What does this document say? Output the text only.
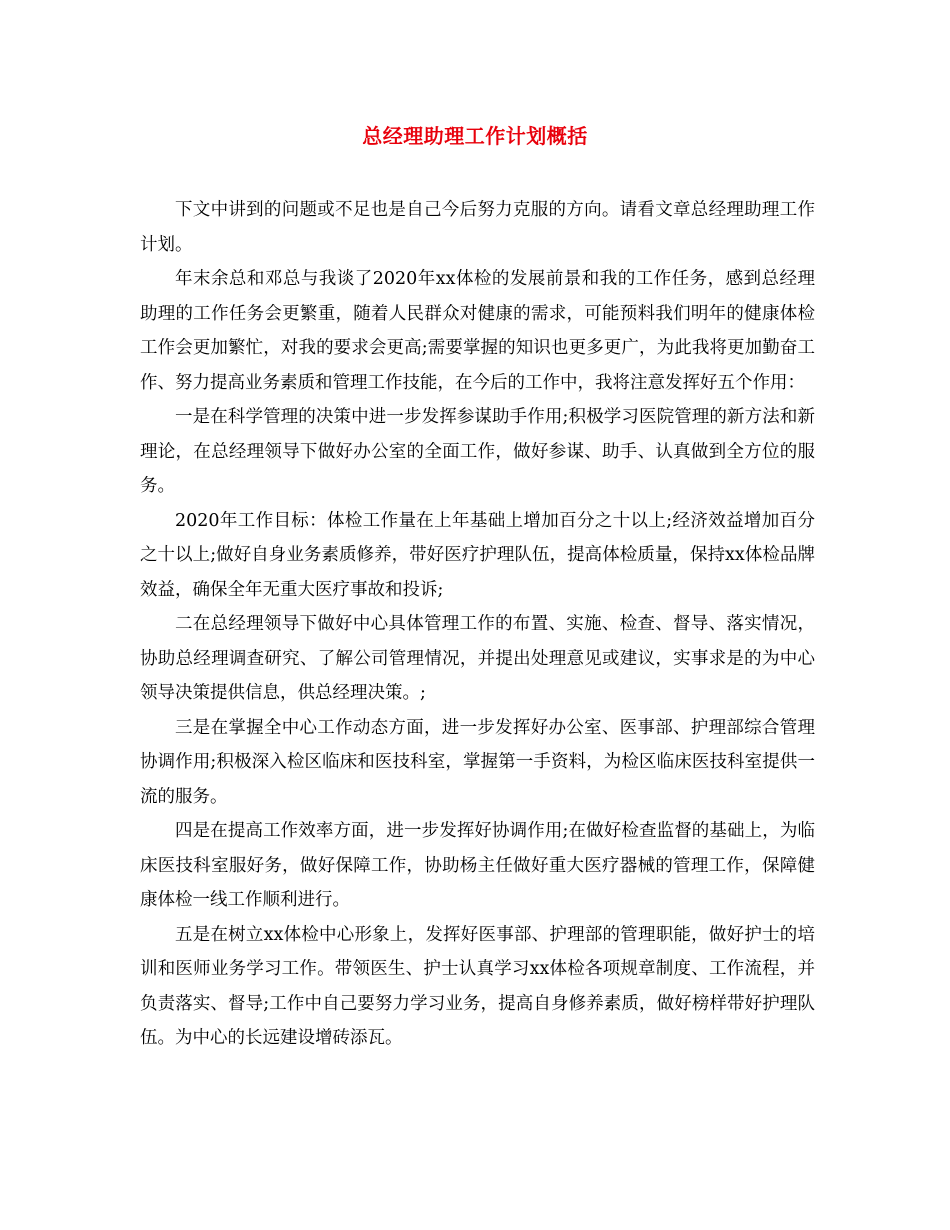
总经理助理工作计划概括

下文中讲到的问题或不足也是自己今后努力克服的方向。请看文章总经理助理工作计划。

年末余总和邓总与我谈了2020年xx体检的发展前景和我的工作任务，感到总经理助理的工作任务会更繁重，随着人民群众对健康的需求，可能预料我们明年的健康体检工作会更加繁忙，对我的要求会更高;需要掌握的知识也更多更广，为此我将更加勤奋工作、努力提高业务素质和管理工作技能，在今后的工作中，我将注意发挥好五个作用：

一是在科学管理的决策中进一步发挥参谋助手作用;积极学习医院管理的新方法和新理论，在总经理领导下做好办公室的全面工作，做好参谋、助手、认真做到全方位的服务。

2020年工作目标：体检工作量在上年基础上增加百分之十以上;经济效益增加百分之十以上;做好自身业务素质修养，带好医疗护理队伍，提高体检质量，保持xx体检品牌效益，确保全年无重大医疗事故和投诉;

二在总经理领导下做好中心具体管理工作的布置、实施、检查、督导、落实情况，协助总经理调查研究、了解公司管理情况，并提出处理意见或建议，实事求是的为中心领导决策提供信息，供总经理决策。;

三是在掌握全中心工作动态方面，进一步发挥好办公室、医事部、护理部综合管理协调作用;积极深入检区临床和医技科室，掌握第一手资料，为检区临床医技科室提供一流的服务。

四是在提高工作效率方面，进一步发挥好协调作用;在做好检查监督的基础上，为临床医技科室服好务，做好保障工作，协助杨主任做好重大医疗器械的管理工作，保障健康体检一线工作顺利进行。

五是在树立xx体检中心形象上，发挥好医事部、护理部的管理职能，做好护士的培训和医师业务学习工作。带领医生、护士认真学习xx体检各项规章制度、工作流程，并负责落实、督导;工作中自己要努力学习业务，提高自身修养素质，做好榜样带好护理队伍。为中心的长远建设增砖添瓦。
